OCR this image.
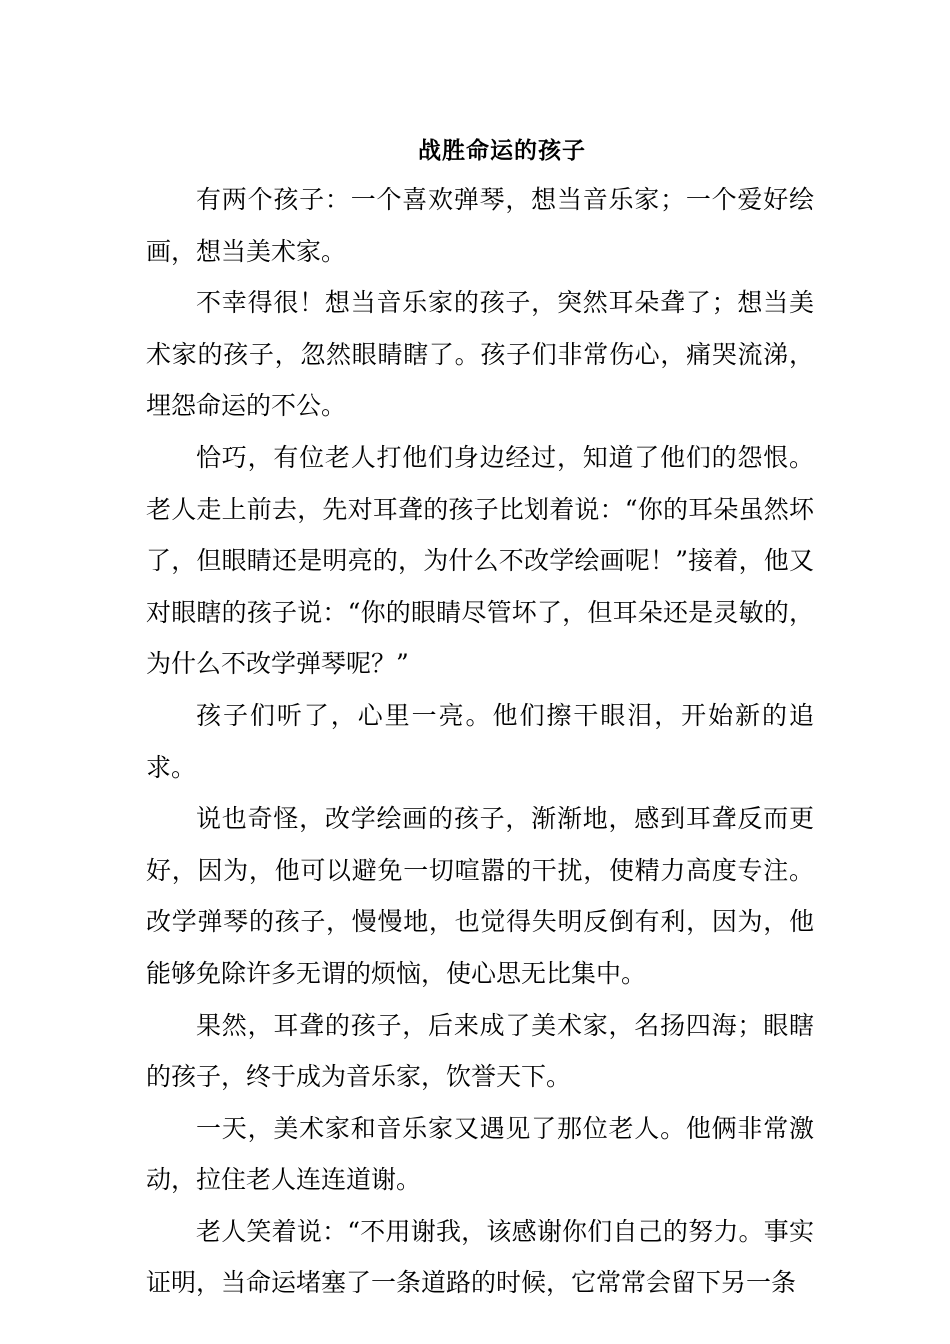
战胜命运的孩子

有两个孩子：一个喜欢弹琴，想当音乐家；一个爱好绘画，想当美术家。

不幸得很！想当音乐家的孩子，突然耳朵聋了；想当美术家的孩子，忽然眼睛瞎了。孩子们非常伤心，痛哭流涕，埋怨命运的不公。

恰巧，有位老人打他们身边经过，知道了他们的怨恨。老人走上前去，先对耳聋的孩子比划着说：“你的耳朵虽然坏了，但眼睛还是明亮的，为什么不改学绘画呢！”接着，他又对眼瞎的孩子说：“你的眼睛尽管坏了，但耳朵还是灵敏的，为什么不改学弹琴呢？”

孩子们听了，心里一亮。他们擦干眼泪，开始新的追求。

说也奇怪，改学绘画的孩子，渐渐地，感到耳聋反而更好，因为，他可以避免一切喧嚣的干扰，使精力高度专注。改学弹琴的孩子，慢慢地，也觉得失明反倒有利，因为，他能够免除许多无谓的烦恼，使心思无比集中。

果然，耳聋的孩子，后来成了美术家，名扬四海；眼瞎的孩子，终于成为音乐家，饮誉天下。

一天，美术家和音乐家又遇见了那位老人。他俩非常激动，拉住老人连连道谢。

老人笑着说：“不用谢我，该感谢你们自己的努力。事实证明，当命运堵塞了一条道路的时候，它常常会留下另一条
